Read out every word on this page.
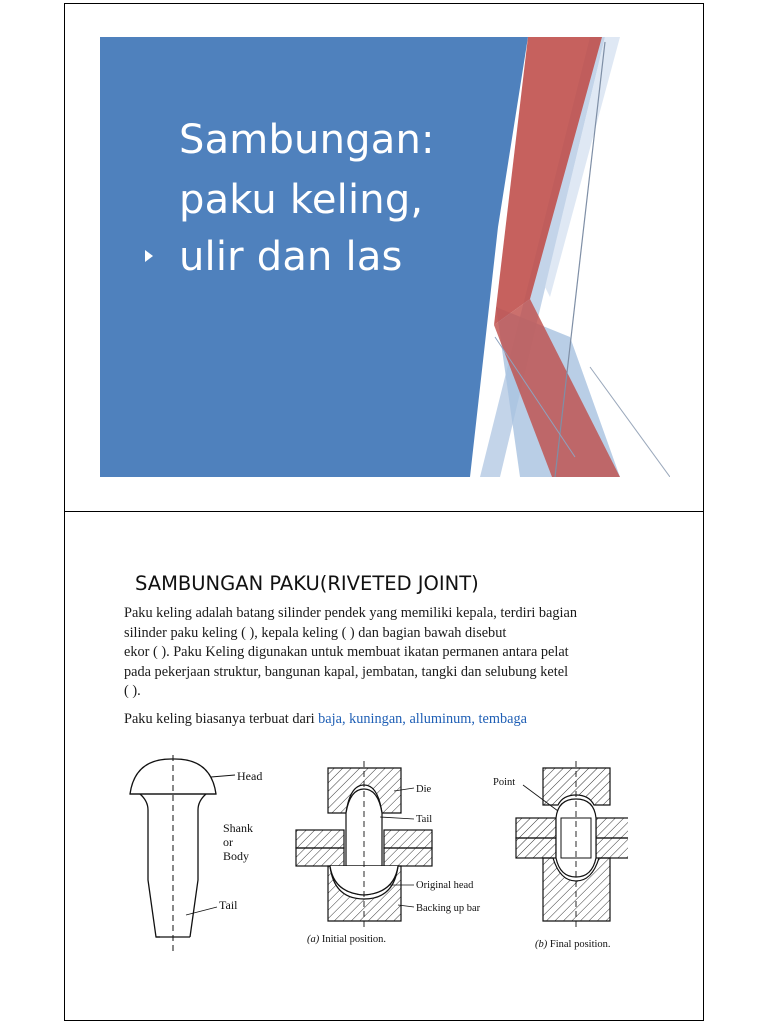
Sambungan:
paku keling,
ulir dan las
SAMBUNGAN PAKU(RIVETED JOINT)

Paku keling adalah batang silinder pendek yang memiliki kepala, terdiri bagian

silinder paku keling ( ), kepala keling ( ) dan bagian bawah disebut

ekor ( ). Paku Keling digunakan untuk membuat ikatan permanen antara pelat

pada pekerjaan struktur, bangunan kapal, jembatan, tangki dan selubung ketel

( ).

Paku keling biasanya terbuat dari baja, kuningan, alluminum, tembaga
Head
Shank
or
Body
Tail
Die
Tail
Original head
Backing up bar
(a) Initial position.
Point
(b) Final position.
